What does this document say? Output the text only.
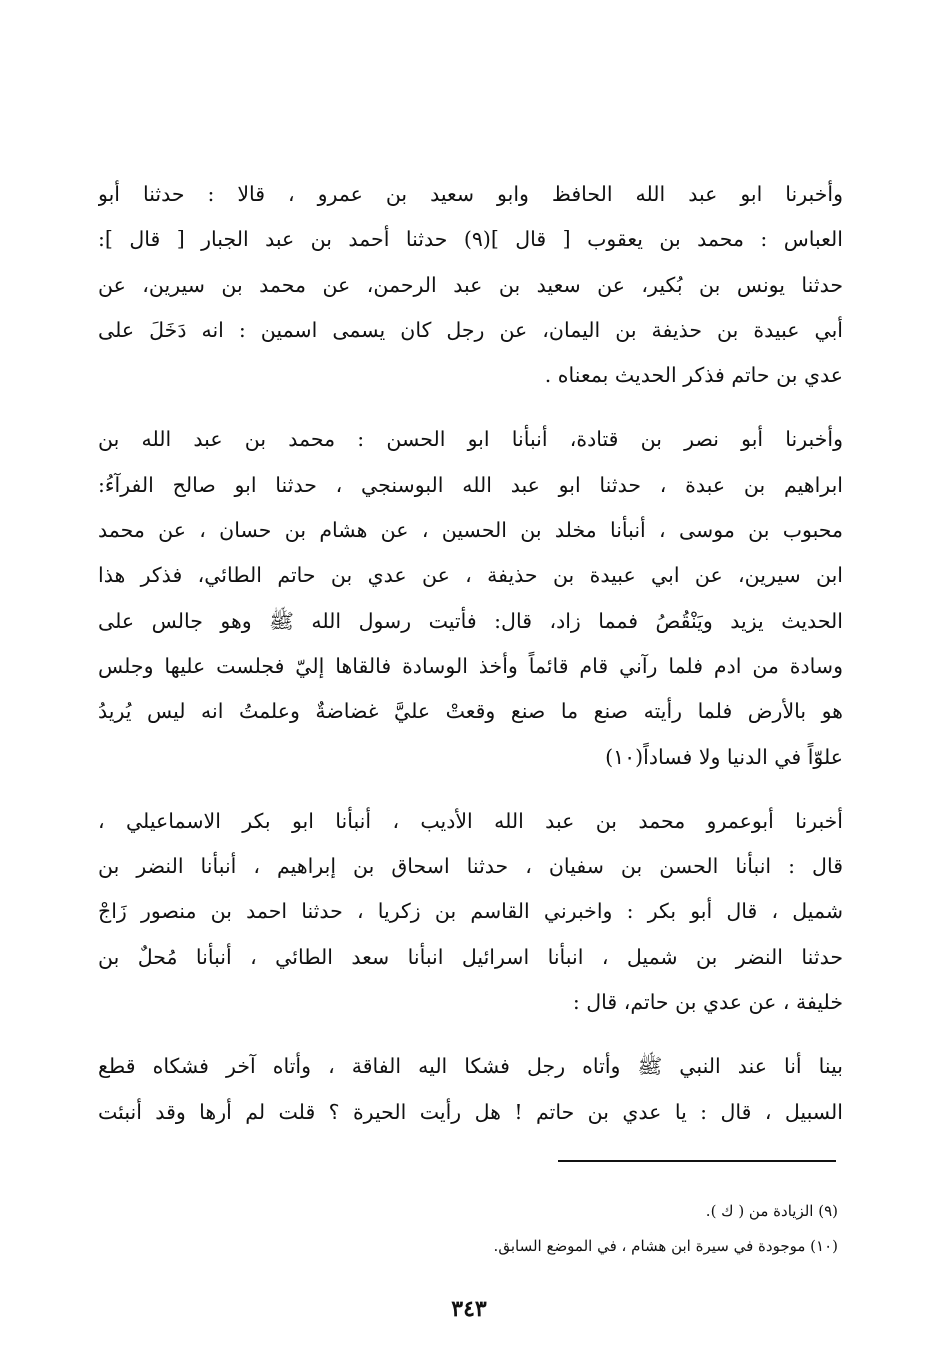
وأخبرنا ابو عبد الله الحافظ وابو سعيد بن عمرو ، قالا : حدثنا أبو
العباس : محمد بن يعقوب [ قال ](٩) حدثنا أحمد بن عبد الجبار [ قال ]:
حدثنا يونس بن بُكير، عن سعيد بن عبد الرحمن، عن محمد بن سيرين، عن
أبي عبيدة بن حذيفة بن اليمان، عن رجل كان يسمى اسمين : انه دَخَلَ على
عدي بن حاتم فذكر الحديث بمعناه .
وأخبرنا أبو نصر بن قتادة، أنبأنا ابو الحسن : محمد بن عبد الله بن
ابراهيم بن عبدة ، حدثنا ابو عبد الله البوسنجي ، حدثنا ابو صالح الفرآءُ:
محبوب بن موسى ، أنبأنا مخلد بن الحسين ، عن هشام بن حسان ، عن محمد
ابن سيرين، عن ابي عبيدة بن حذيفة ، عن عدي بن حاتم الطائي، فذكر هذا
الحديث يزيد ويَنْقُصُ فمما زاد، قال: فأتيت رسول الله ﷺ وهو جالس على
وسادة من ادم فلما رآني قام قائماً وأخذ الوسادة فالقاها إليّ فجلست عليها وجلس
هو بالأرض فلما رأيته صنع ما صنع وقعتْ عليَّ غضاضةٌ وعلمتُ انه ليس يُريدُ
علوّاً في الدنيا ولا فساداً(١٠)
أخبرنا أبوعمرو محمد بن عبد الله الأديب ، أنبأنا ابو بكر الاسماعيلي ،
قال : انبأنا الحسن بن سفيان ، حدثنا اسحاق بن إبراهيم ، أنبأنا النضر بن
شميل ، قال أبو بكر : واخبرني القاسم بن زكريا ، حدثنا احمد بن منصور زَاجْ
حدثنا النضر بن شميل ، انبأنا اسرائيل انبأنا سعد الطائي ، أنبأنا مُحلٌ بن
خليفة ، عن عدي بن حاتم، قال :
بينا أنا عند النبي ﷺ وأتاه رجل فشكا اليه الفاقة ، وأتاه آخر فشكاه قطع
السبيل ، قال : يا عدي بن حاتم ! هل رأيت الحيرة ؟ قلت لم أرها وقد أنبئت
(٩) الزيادة من ( ك ).
(١٠) موجودة في سيرة ابن هشام ، في الموضع السابق.
٣٤٣
